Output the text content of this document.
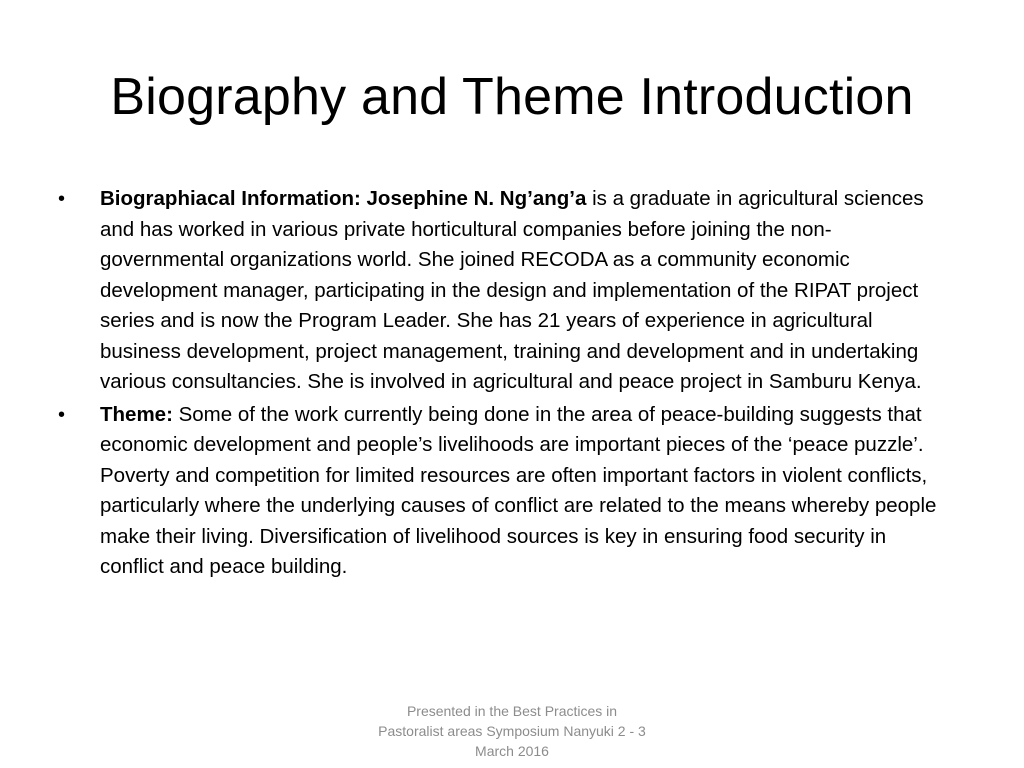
Biography and Theme Introduction
• Biographiacal Information: Josephine N. Ng’ang’a is a graduate in agricultural sciences and has worked in various private horticultural companies before joining the non-governmental organizations world. She joined RECODA as a community economic development manager, participating in the design and implementation of the RIPAT project series and is now the Program Leader. She has 21 years of experience in agricultural business development, project management, training and development and in undertaking various consultancies. She is involved in agricultural and peace project in Samburu Kenya.
• Theme: Some of the work currently being done in the area of peace-building suggests that economic development and people’s livelihoods are important pieces of the ‘peace puzzle’. Poverty and competition for limited resources are often important factors in violent conflicts, particularly where the underlying causes of conflict are related to the means whereby people make their living. Diversification of livelihood sources is key in ensuring food security in conflict and peace building.
Presented in the Best Practices in
Pastoralist areas Symposium Nanyuki 2 - 3
March 2016
